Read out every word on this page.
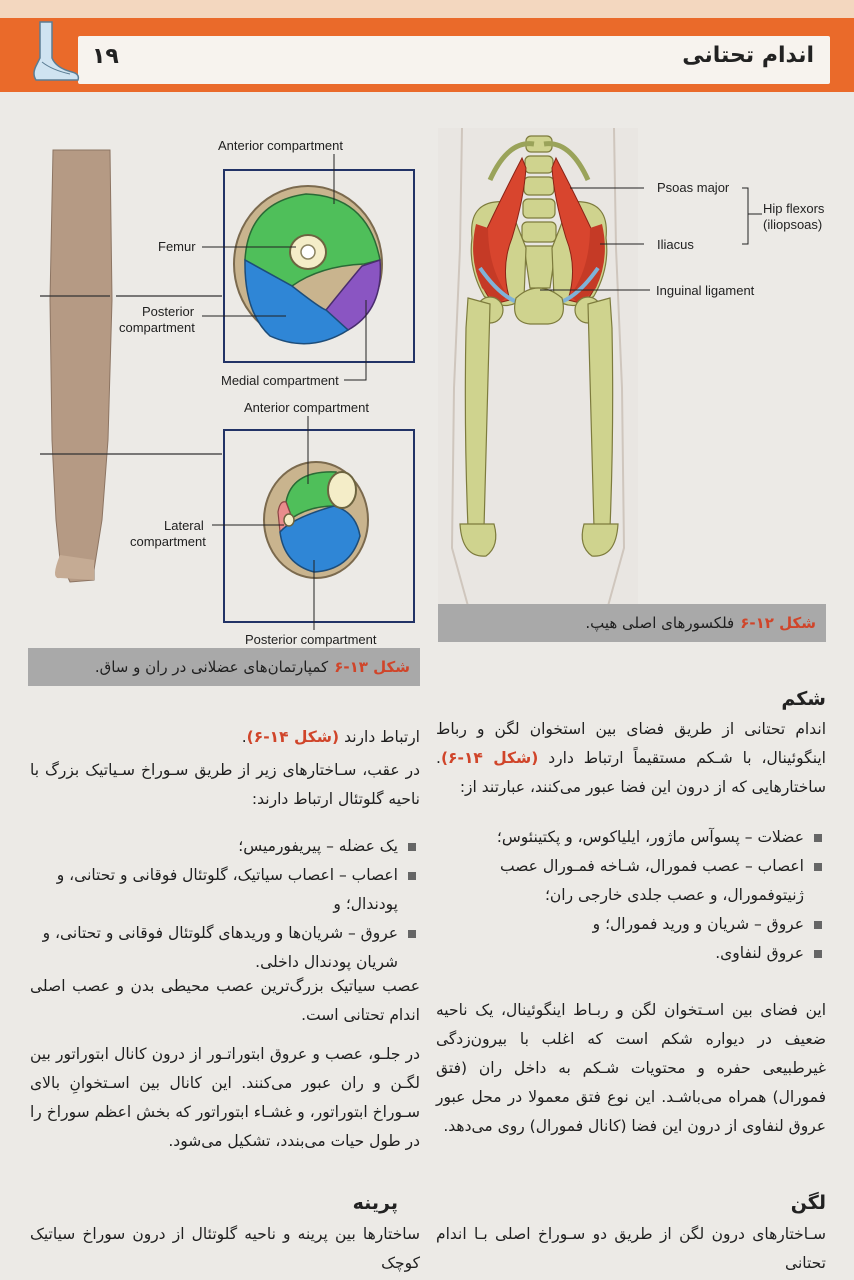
۱۹	اندام تحتانی
Anterior compartment
Femur
Posterior
compartment
Medial compartment
Anterior compartment
Lateral
compartment
Posterior compartment
شکل ۱۳-۶کمپارتمان‌های عضلانی در ران و ساق.
Psoas major
Iliacus
Inguinal ligament
Hip flexors
(iliopsoas)
شکل ۱۲-۶فلکسورهای اصلی هیپ.
شکم
اندام تحتانی از طریق فضای بین استخوان لگن و رباط اینگوئینال، با شـکم مستقیماً ارتباط دارد (شکل ۱۴-۶). ساختارهایی که از درون این فضا عبور می‌کنند، عبارتند از:
عضلات – پسوآس ماژور، ایلیاکوس، و پکتینئوس؛
اعصاب – عصب فمورال، شـاخه فمـورال عصب ژنیتوفمورال، و عصب جلدی خارجی ران؛
عروق – شریان و ورید فمورال؛ و
عروق لنفاوی.
این فضای بین اسـتخوان لگن و ربـاط اینگوئینال، یک ناحیه ضعیف در دیواره شکم است که اغلب با بیرون‌زدگی غیرطبیعی حفره و محتویات شـکم به داخل ران (فتق فمورال) همراه می‌باشـد. این نوع فتق معمولا در محل عبور عروق لنفاوی از درون این فضا (کانال فمورال) روی می‌دهد.
لگن
سـاختارهای درون لگن از طریق دو سـوراخ اصلی بـا اندام تحتانی
ارتباط دارند (شکل ۱۴-۶).
در عقب، سـاختارهای زیر از طریق سـوراخ سـیاتیک بزرگ با ناحیه گلوتئال ارتباط دارند:
یک عضله – پیریفورمیس؛
اعصاب – اعصاب سیاتیک، گلوتئال فوقانی و تحتانی، و پودندال؛ و
عروق – شریان‌ها و وریدهای گلوتئال فوقانی و تحتانی، و شریان پودندال داخلی.
عصب سیاتیک بزرگ‌ترین عصب محیطی بدن و عصب اصلی اندام تحتانی است.
در جلـو، عصب و عروق ابتوراتـور از درون کانال ابتوراتور بین لگـن و ران عبور می‌کنند. این کانال بین اسـتخوانِ بالای سـوراخ ابتوراتور، و غشـاء ابتوراتور که بخش اعظم سوراخ را در طول حیات می‌بندد، تشکیل می‌شود.
پرینه
ساختارها بین پرینه و ناحیه گلوتئال از درون سوراخ سیاتیک کوچک
